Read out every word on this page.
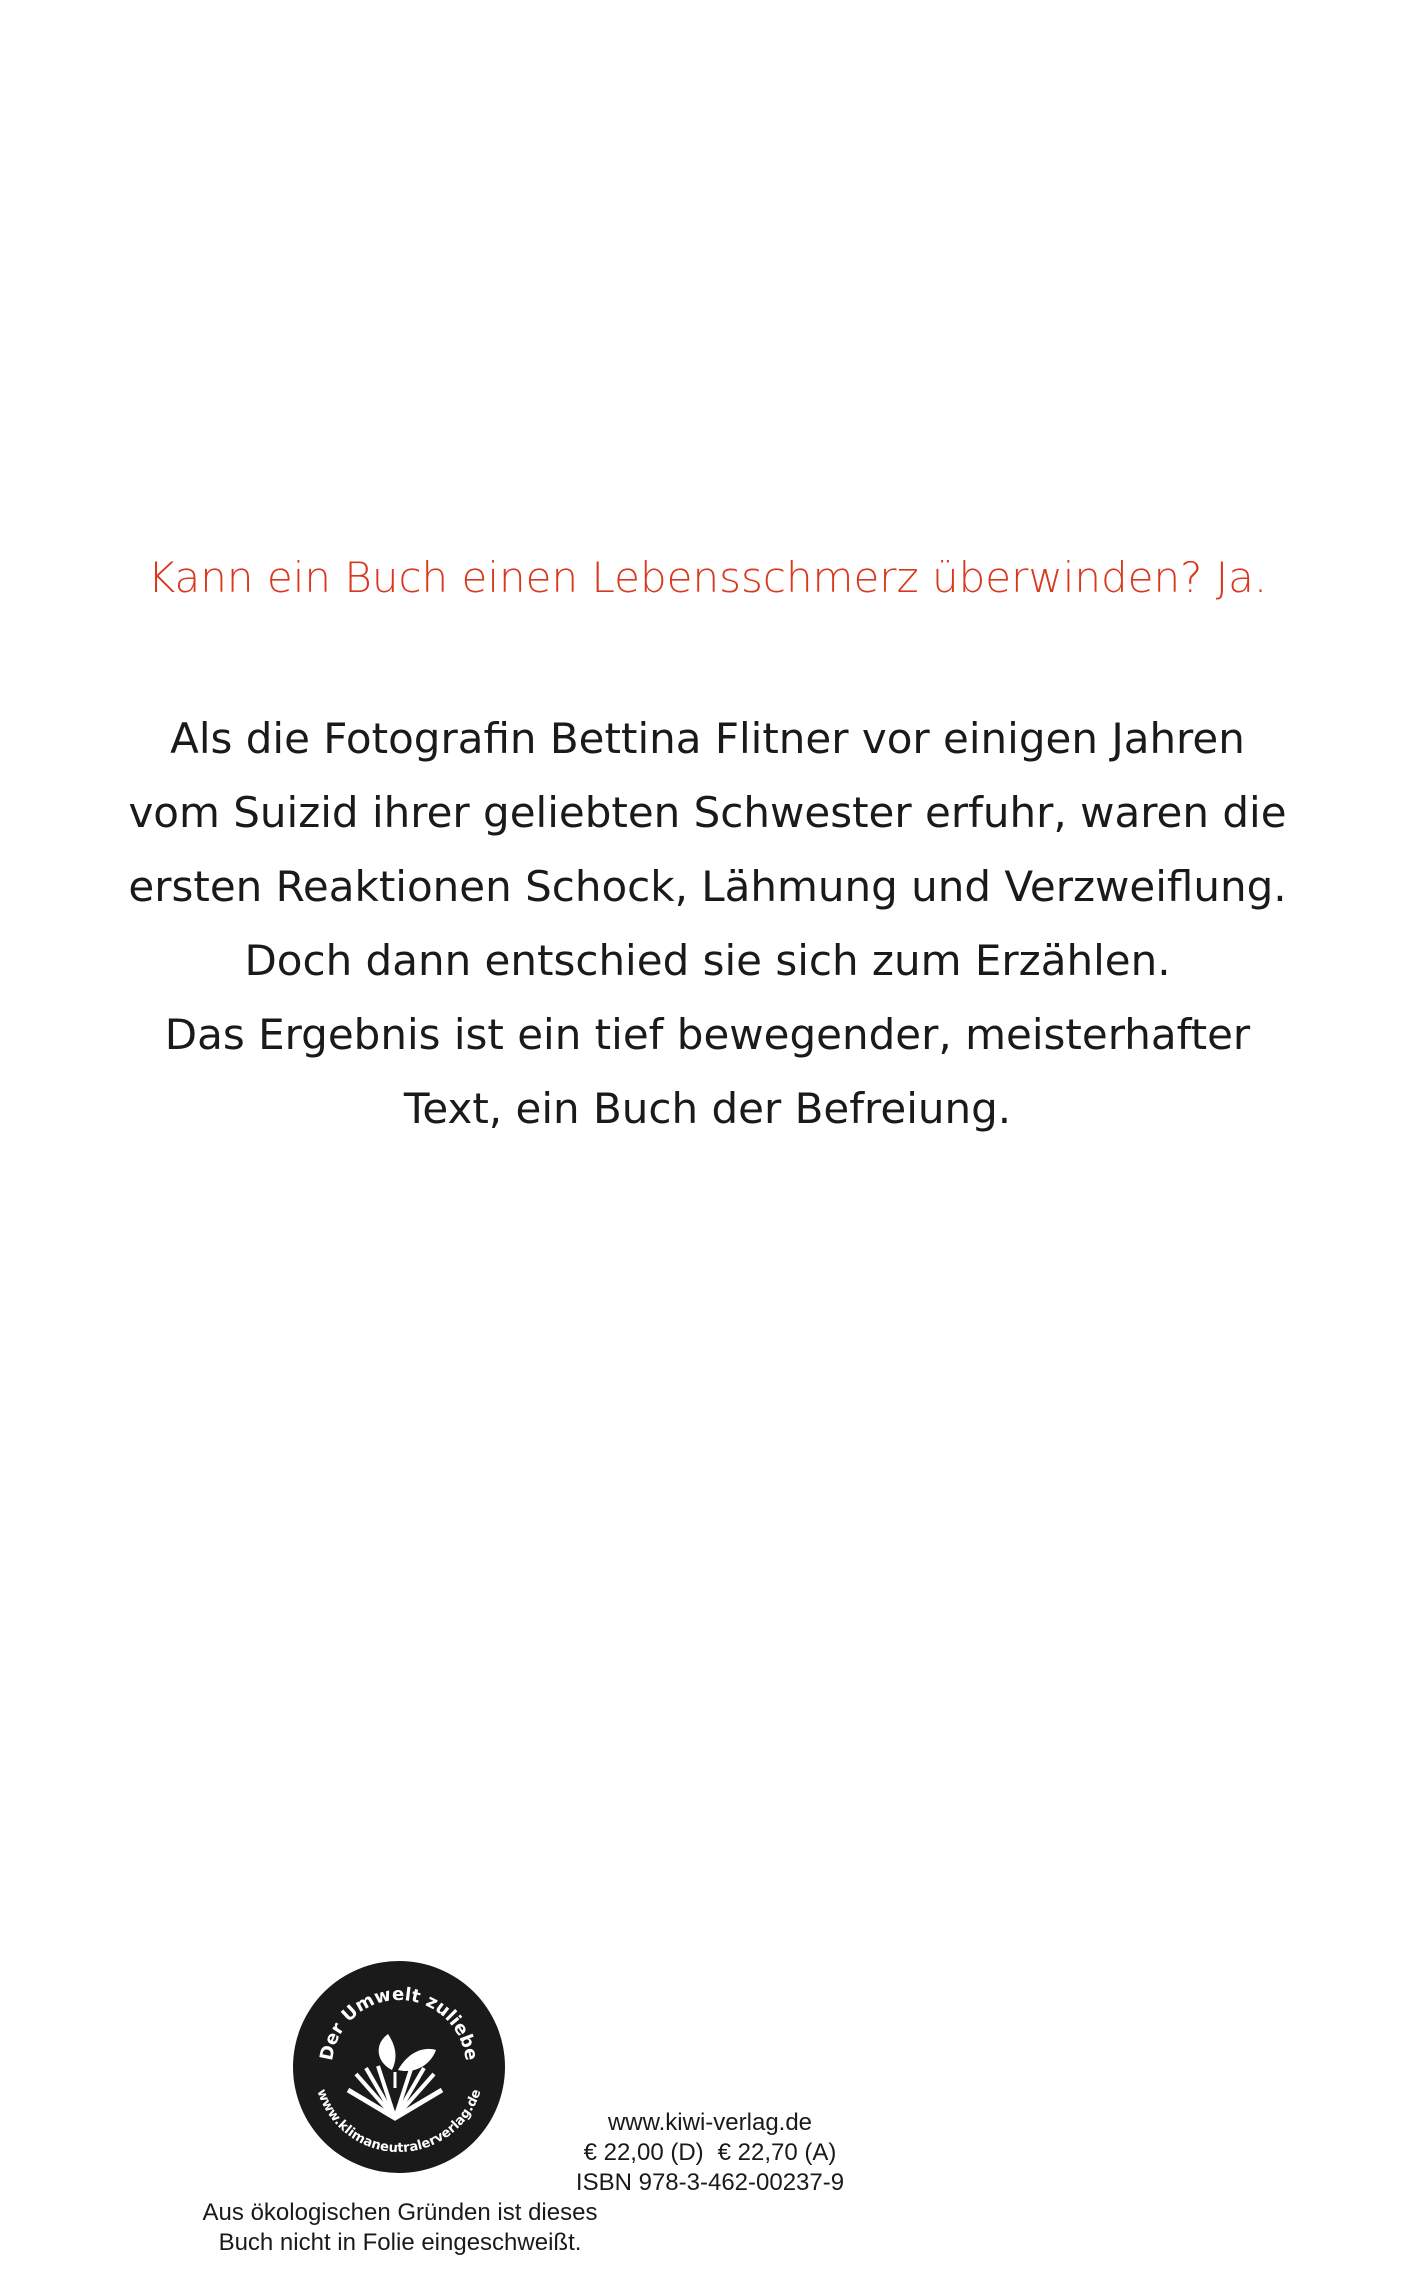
Kann ein Buch einen Lebensschmerz überwinden? Ja.
Als die Fotografin Bettina Flitner vor einigen Jahren
vom Suizid ihrer geliebten Schwester erfuhr, waren die
ersten Reaktionen Schock, Lähmung und Verzweiflung.
Doch dann entschied sie sich zum Erzählen.
Das Ergebnis ist ein tief bewegender, meisterhafter
Text, ein Buch der Befreiung.
Der Umwelt zuliebe
www.klimaneutralerverlag.de
Aus ökologischen Gründen ist dieses
Buch nicht in Folie eingeschweißt.
www.kiwi-verlag.de
€ 22,00 (D) € 22,70 (A)
ISBN 978-3-462-00237-9
